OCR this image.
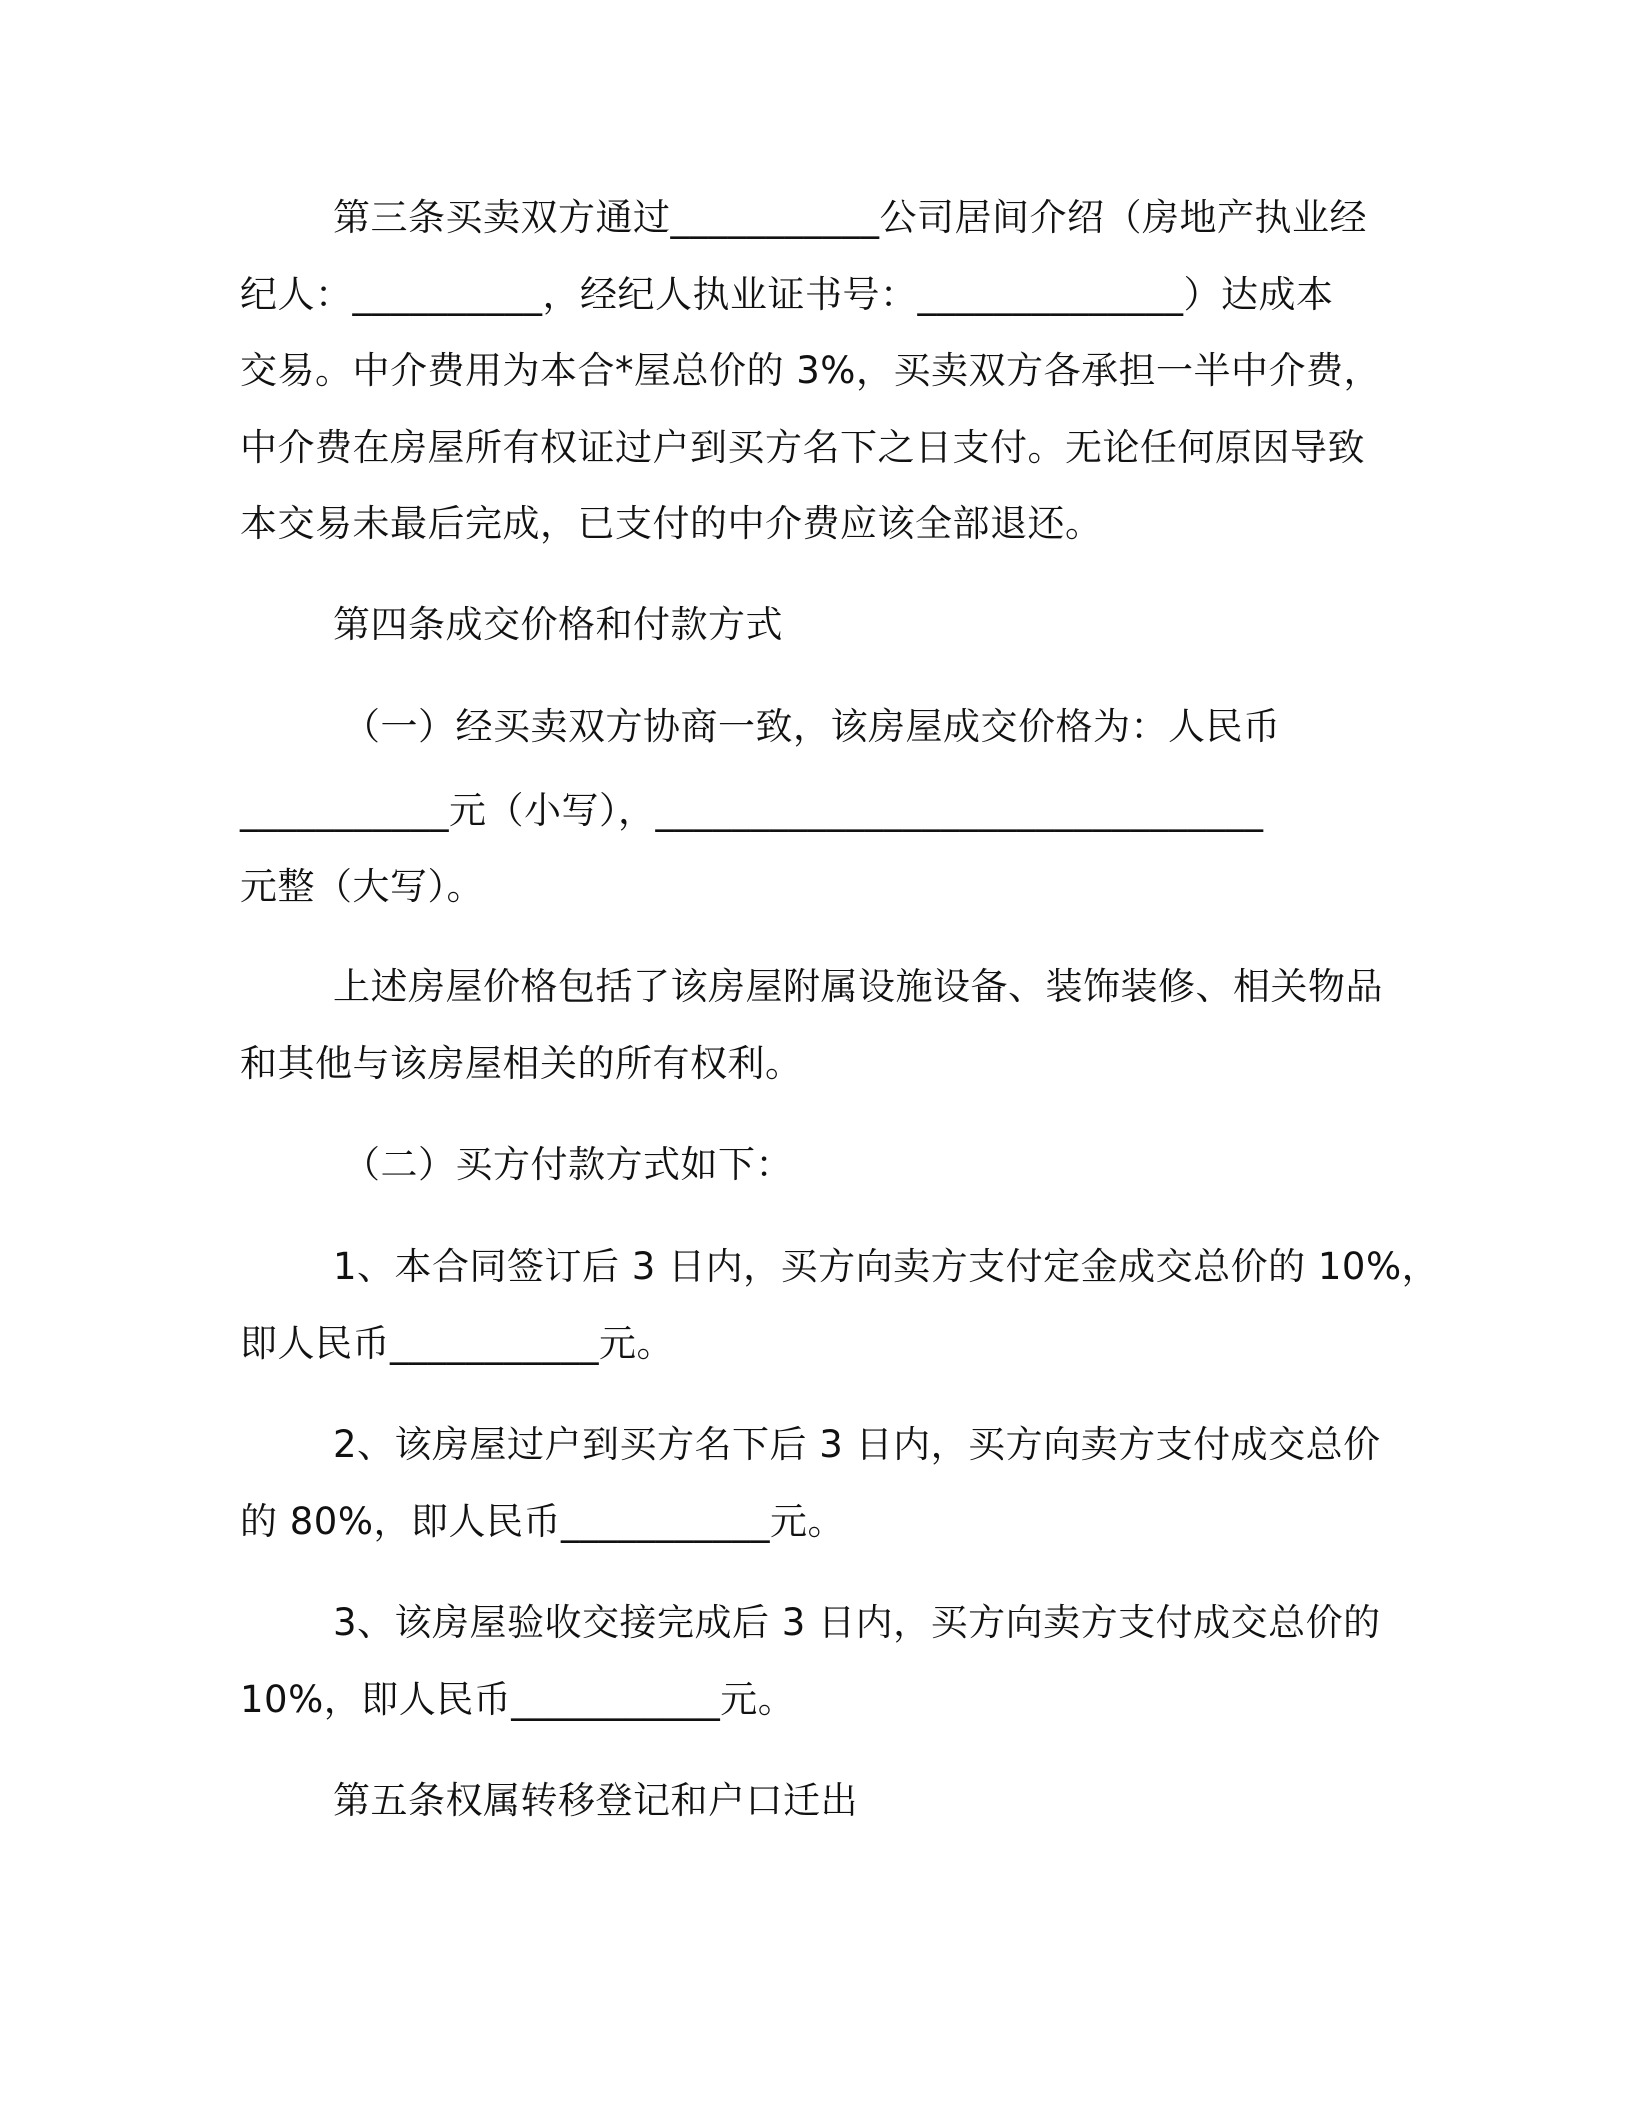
第三条买卖双方通过___________公司居间介绍（房地产执业经
纪人：__________，经纪人执业证书号：______________）达成本
交易。中介费用为本合*屋总价的 3%，买卖双方各承担一半中介费，
中介费在房屋所有权证过户到买方名下之日支付。无论任何原因导致
本交易未最后完成，已支付的中介费应该全部退还。
第四条成交价格和付款方式
（一）经买卖双方协商一致，该房屋成交价格为：人民币
___________元（小写），________________________________
元整（大写）。
上述房屋价格包括了该房屋附属设施设备、装饰装修、相关物品
和其他与该房屋相关的所有权利。
（二）买方付款方式如下：
1、本合同签订后 3 日内，买方向卖方支付定金成交总价的 10%，
即人民币___________元。
2、该房屋过户到买方名下后 3 日内，买方向卖方支付成交总价
的 80%，即人民币___________元。
3、该房屋验收交接完成后 3 日内，买方向卖方支付成交总价的
10%，即人民币___________元。
第五条权属转移登记和户口迁出
